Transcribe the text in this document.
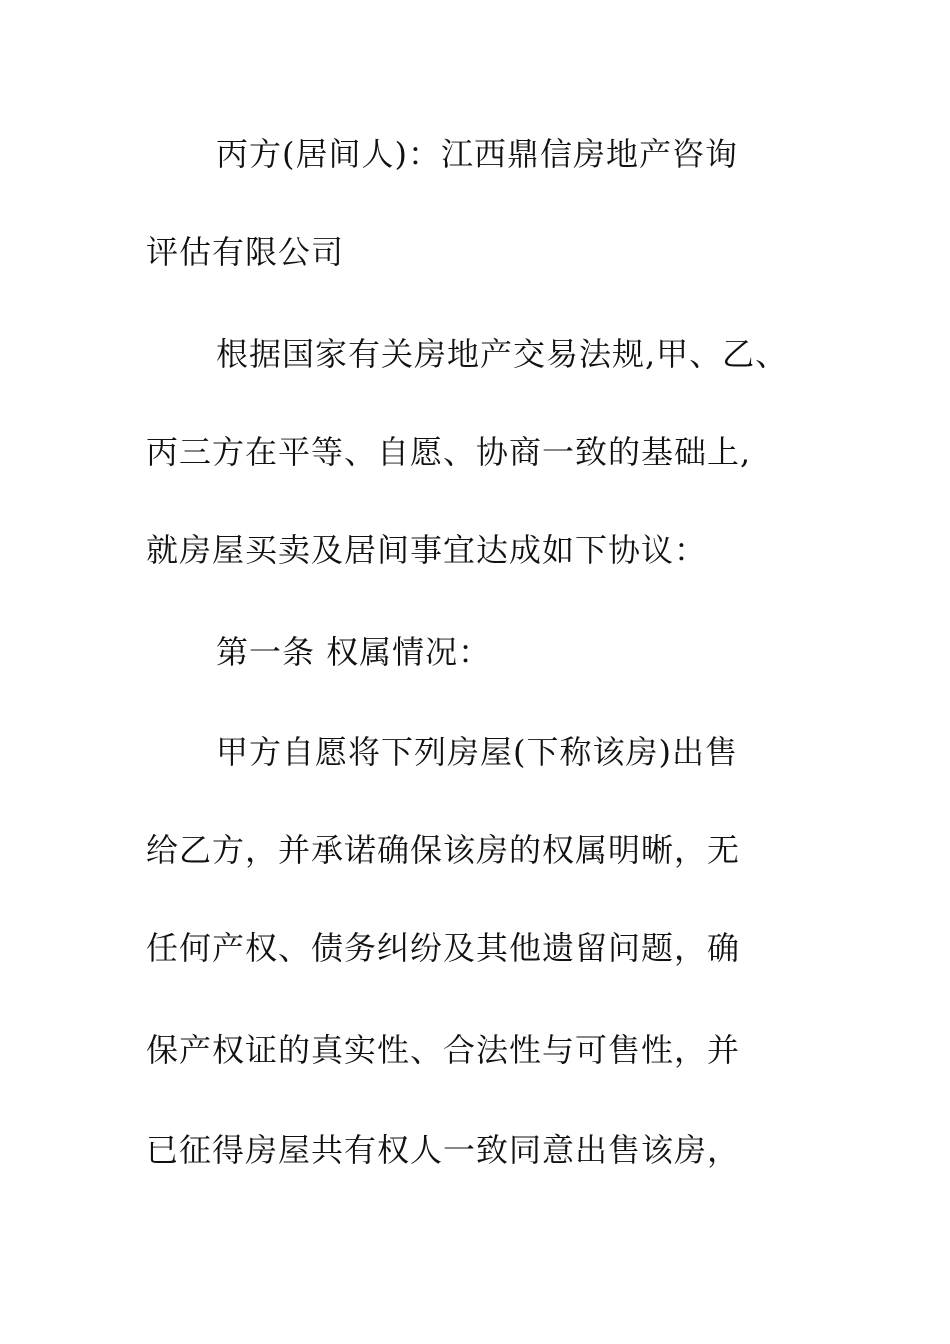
丙方(居间人)：江西鼎信房地产咨询
评估有限公司
根据国家有关房地产交易法规,甲、乙、
丙三方在平等、自愿、协商一致的基础上,
就房屋买卖及居间事宜达成如下协议：
第一条 权属情况：
甲方自愿将下列房屋(下称该房)出售
给乙方，并承诺确保该房的权属明晰，无
任何产权、债务纠纷及其他遗留问题，确
保产权证的真实性、合法性与可售性，并
已征得房屋共有权人一致同意出售该房，
